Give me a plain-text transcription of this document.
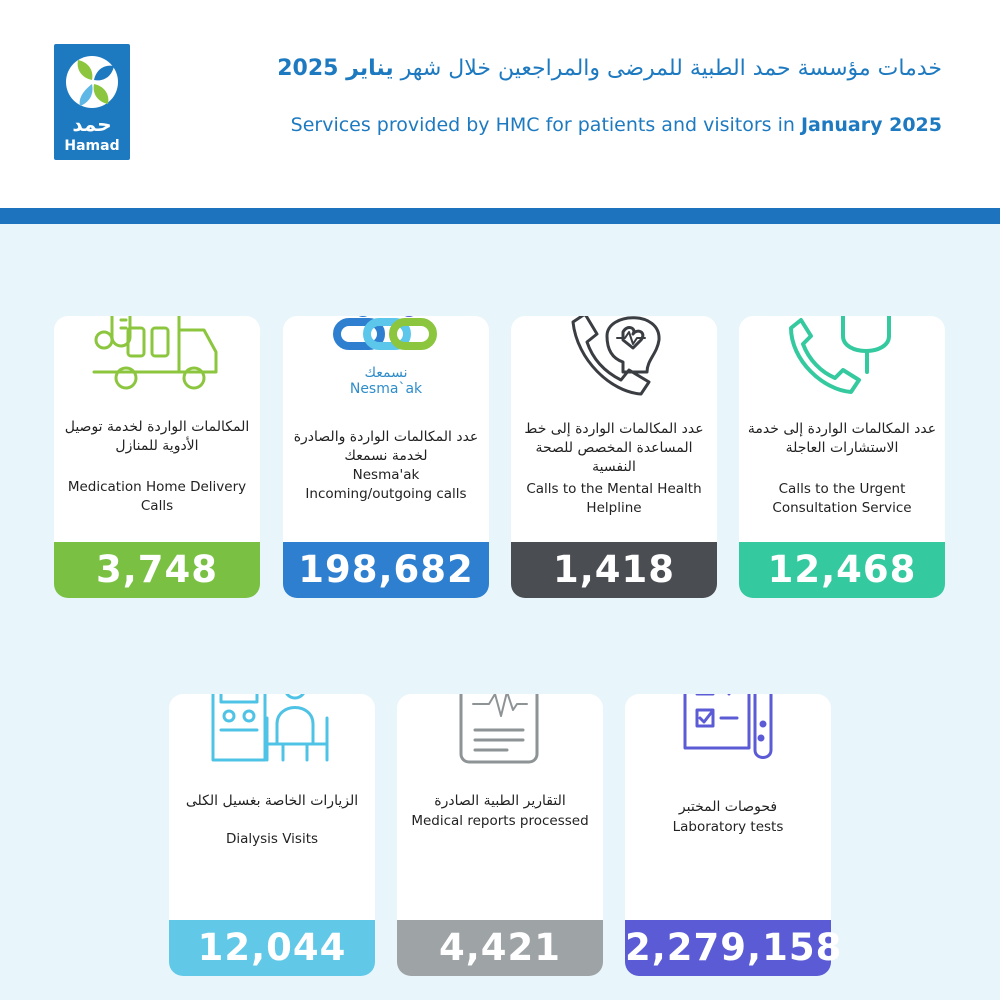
حمد
Hamad
خدمات مؤسسة حمد الطبية للمرضى والمراجعين خلال شهر يناير 2025
Services provided by HMC for patients and visitors in January 2025
المكالمات الواردة لخدمة توصيل الأدوية للمنازل
Medication Home Delivery Calls
3,748
نسمعك
Nesma`ak
عدد المكالمات الواردة والصادرة لخدمة نسمعك
Nesma'ak Incoming/outgoing calls
198,682
عدد المكالمات الواردة إلى خط المساعدة المخصص للصحة النفسية
Calls to the Mental Health Helpline
1,418
عدد المكالمات الواردة إلى خدمة الاستشارات العاجلة
Calls to the Urgent Consultation Service
12,468
الزيارات الخاصة بغسيل الكلى
Dialysis Visits
12,044
التقارير الطبية الصادرة
Medical reports processed
4,421
فحوصات المختبر
Laboratory tests
2,279,158
